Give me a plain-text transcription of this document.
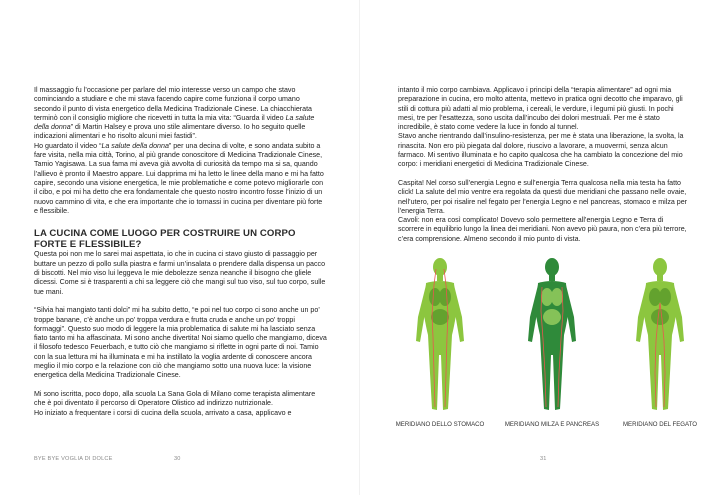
Il massaggio fu l’occasione per parlare del mio interesse verso un campo che stavo cominciando a studiare e che mi stava facendo capire come funziona il corpo umano secondo il punto di vista energetico della Medicina Tradizionale Cinese. La chiacchierata terminò con il consiglio migliore che ricevetti in tutta la mia vita: “Guarda il video La salute della donna” di Martin Halsey e prova uno stile alimentare diverso. Io ho seguito quelle indicazioni alimentari e ho risolto alcuni miei fastidi”.

Ho guardato il video “La salute della donna” per una decina di volte, e sono andata subito a fare visita, nella mia città, Torino, al più grande conoscitore di Medicina Tradizionale Cinese, Tamio Yagisawa. La sua fama mi aveva già avvolta di curiosità da tempo ma si sa, quando l’allievo è pronto il Maestro appare. Lui dapprima mi ha letto le linee della mano e mi ha fatto capire, secondo una visione energetica, le mie problematiche e come potevo migliorarle con il cibo, e poi mi ha detto che era fondamentale che questo nostro incontro fosse l’inizio di un nuovo cammino di vita, e che era importante che io tornassi in cucina per diventare più forte e flessibile.

LA CUCINA COME LUOGO PER COSTRUIRE UN CORPO FORTE E FLESSIBILE?

Questa poi non me lo sarei mai aspettata, io che in cucina ci stavo giusto di passaggio per buttare un pezzo di pollo sulla piastra e farmi un’insalata o prendere dalla dispensa un pacco di biscotti. Nel mio viso lui leggeva le mie debolezze senza neanche il bisogno che gliele dicessi. Come si è trasparenti a chi sa leggere ciò che mangi sul tuo viso, sul tuo corpo, sulle tue mani.

“Silvia hai mangiato tanti dolci” mi ha subito detto, “e poi nel tuo corpo ci sono anche un po’ troppe banane, c’è anche un po’ troppa verdura e frutta cruda e anche un po’ troppi formaggi”. Questo suo modo di leggere la mia problematica di salute mi ha lasciato senza fiato tanto mi ha affascinata. Mi sono anche divertita! Noi siamo quello che mangiamo, diceva il filosofo tedesco Feuerbach, e tutto ciò che mangiamo si riflette in ogni parte di noi. Tamio con la sua lettura mi ha illuminata e mi ha instillato la voglia ardente di conoscere ancora meglio il mio corpo e la relazione con ciò che mangiamo sotto una nuova luce: la visione energetica della Medicina Tradizionale Cinese.

Mi sono iscritta, poco dopo, alla scuola La Sana Gola di Milano come terapista alimentare che è poi diventato il percorso di Operatore Olistico ad indirizzo nutrizionale.

Ho iniziato a frequentare i corsi di cucina della scuola, arrivato a casa, applicavo e

BYE BYE VOGLIA DI DOLCE	30

intanto il mio corpo cambiava. Applicavo i principi della “terapia alimentare” ad ogni mia preparazione in cucina, ero molto attenta, mettevo in pratica ogni decotto che imparavo, gli stili di cottura più adatti al mio problema, i cereali, le verdure, i legumi più giusti. In pochi mesi, tre per l’esattezza, sono uscita dall’incubo dei dolori mestruali. Per me è stato incredibile, è stato come vedere la luce in fondo al tunnel.

Stavo anche rientrando dall’insulino-resistenza, per me è stata una liberazione, la svolta, la rinascita. Non ero più piegata dal dolore, riuscivo a lavorare, a muovermi, senza alcun farmaco. Mi sentivo illuminata e ho capito qualcosa che ha cambiato la concezione del mio corpo: i meridiani energetici di Medicina Tradizionale Cinese.

Caspita! Nel corso sull’energia Legno e sull’energia Terra qualcosa nella mia testa ha fatto click! La salute del mio ventre era regolata da questi due meridiani che passano nelle ovaie, nell’utero, per poi risalire nel fegato per l’energia Legno e nel pancreas, stomaco e milza per l’energia Terra.

Cavoli: non era così complicato! Dovevo solo permettere all’energia Legno e Terra di scorrere in equilibrio lungo la linea dei meridiani. Non avevo più paura, non c’era più terrore, c’era comprensione. Almeno secondo il mio punto di vista.

MERIDIANO DELLO STOMACO	MERIDIANO MILZA E PANCREAS	MERIDIANO DEL FEGATO
31
